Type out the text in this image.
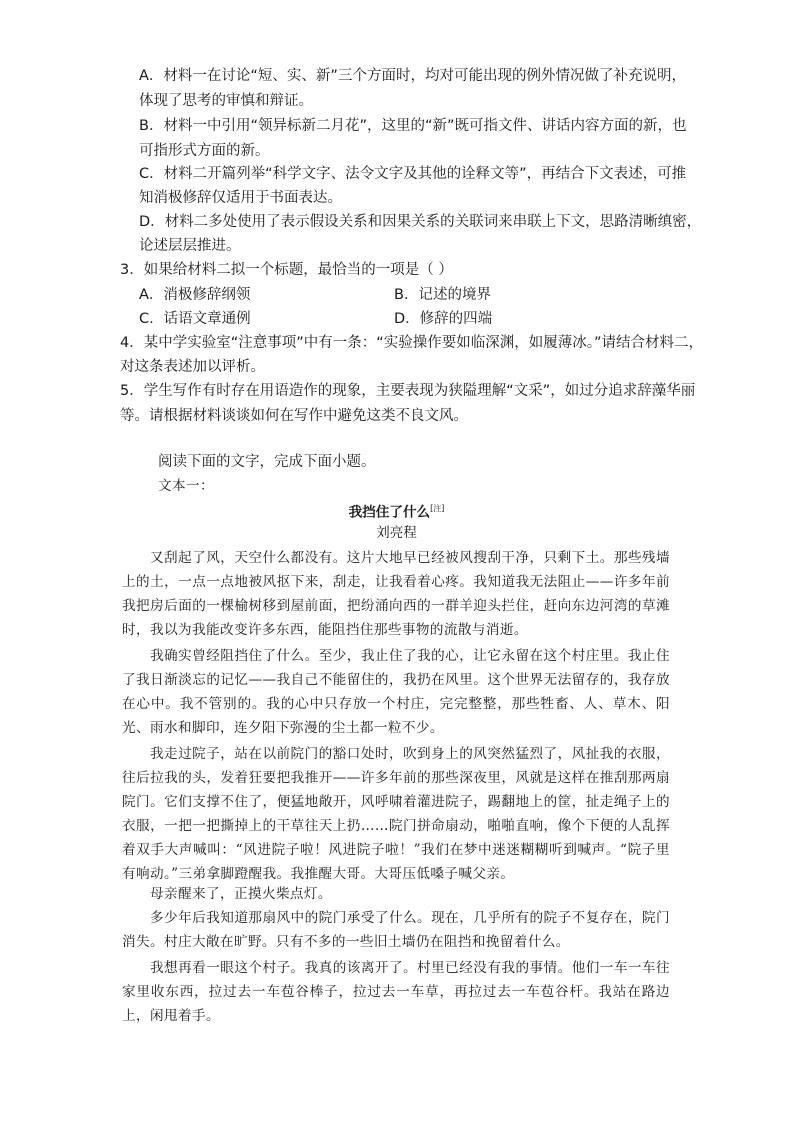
A．材料一在讨论“短、实、新”三个方面时，均对可能出现的例外情况做了补充说明，
体现了思考的审慎和辩证。
B．材料一中引用“领异标新二月花”，这里的“新”既可指文件、讲话内容方面的新，也
可指形式方面的新。
C．材料二开篇列举“科学文字、法令文字及其他的诠释文等”，再结合下文表述，可推
知消极修辞仅适用于书面表达。
D．材料二多处使用了表示假设关系和因果关系的关联词来串联上下文，思路清晰缜密，
论述层层推进。
3．如果给材料二拟一个标题，最恰当的一项是（ ）
A．消极修辞纲领	B．记述的境界
C．话语文章通例	D．修辞的四端
4．某中学实验室“注意事项”中有一条：“实验操作要如临深渊，如履薄冰。”请结合材料二，
对这条表述加以评析。
5．学生写作有时存在用语造作的现象，主要表现为狭隘理解“文采”，如过分追求辞藻华丽
等。请根据材料谈谈如何在写作中避免这类不良文风。
阅读下面的文字，完成下面小题。
文本一：
我挡住了什么[注]
刘亮程
又刮起了风，天空什么都没有。这片大地早已经被风搜刮干净，只剩下土。那些残墙上的土，一点一点地被风抠下来，刮走，让我看着心疼。我知道我无法阻止——许多年前我把房后面的一棵榆树移到屋前面，把纷涌向西的一群羊迎头拦住，赶向东边河湾的草滩时，我以为我能改变许多东西，能阻挡住那些事物的流散与消逝。
我确实曾经阻挡住了什么。至少，我止住了我的心，让它永留在这个村庄里。我止住了我日渐淡忘的记忆——我自己不能留住的，我扔在风里。这个世界无法留存的，我存放在心中。我不管别的。我的心中只存放一个村庄，完完整整，那些牲畜、人、草木、阳光、雨水和脚印，连夕阳下弥漫的尘土都一粒不少。
我走过院子，站在以前院门的豁口处时，吹到身上的风突然猛烈了，风扯我的衣服，往后拉我的头，发着狂要把我推开——许多年前的那些深夜里，风就是这样在推刮那两扇院门。它们支撑不住了，便猛地敞开，风呼啸着灌进院子，踢翻地上的筐，扯走绳子上的衣服，一把一把撕掉上的干草往天上扔……院门拼命扇动，啪啪直响，像个下便的人乱挥着双手大声喊叫：“风进院子啦！风进院子啦！”我们在梦中迷迷糊糊听到喊声。“院子里有响动。”三弟拿脚蹬醒我。我推醒大哥。大哥压低嗓子喊父亲。
母亲醒来了，正摸火柴点灯。
多少年后我知道那扇风中的院门承受了什么。现在，几乎所有的院子不复存在，院门消失。村庄大敞在旷野。只有不多的一些旧土墙仍在阻挡和挽留着什么。
我想再看一眼这个村子。我真的该离开了。村里已经没有我的事情。他们一车一车往家里收东西，拉过去一车苞谷棒子，拉过去一车草，再拉过去一车苞谷杆。我站在路边上，闲甩着手。
